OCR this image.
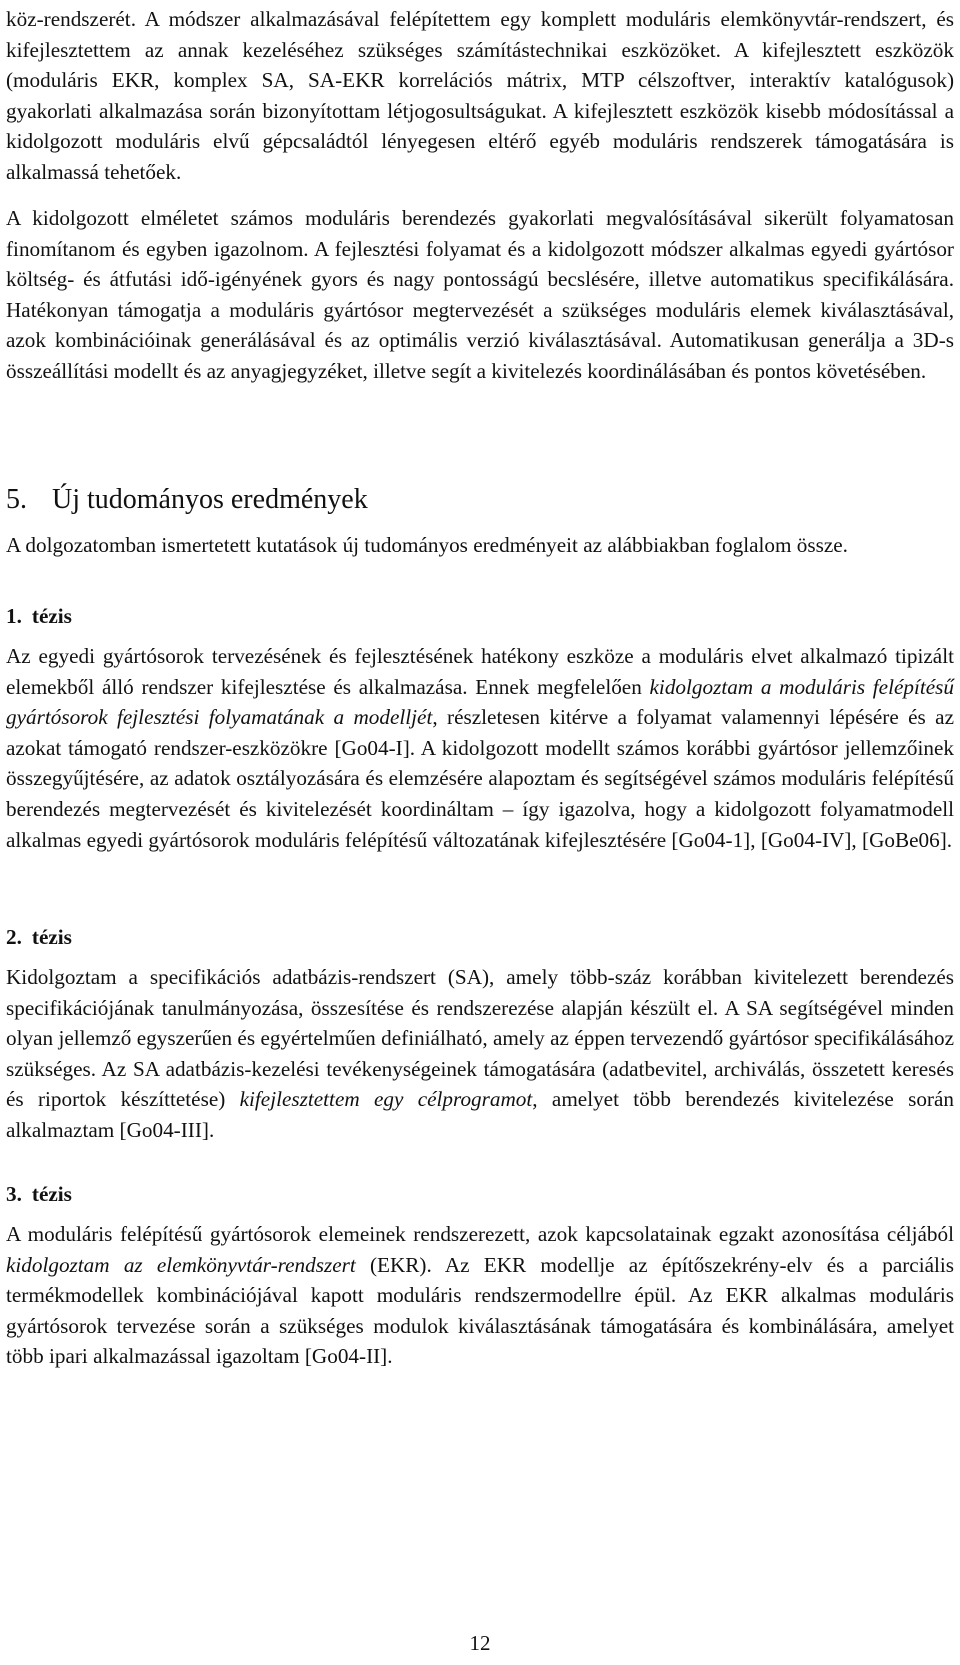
köz-rendszerét. A módszer alkalmazásával felépítettem egy komplett moduláris elemkönyvtár-rendszert, és kifejlesztettem az annak kezeléséhez szükséges számítástechnikai eszközöket. A kifejlesztett eszközök (moduláris EKR, komplex SA, SA-EKR korrelációs mátrix, MTP célszoftver, interaktív katalógusok) gyakorlati alkalmazása során bizonyítottam létjogosultságukat. A kifejlesztett eszközök kisebb módosítással a kidolgozott moduláris elvű gépcsaládtól lényegesen eltérő egyéb moduláris rendszerek támogatására is alkalmassá tehetőek.

A kidolgozott elméletet számos moduláris berendezés gyakorlati megvalósításával sikerült folyamatosan finomítanom és egyben igazolnom. A fejlesztési folyamat és a kidolgozott módszer alkalmas egyedi gyártósor költség- és átfutási idő-igényének gyors és nagy pontosságú becslésére, illetve automatikus specifikálására. Hatékonyan támogatja a moduláris gyártósor megtervezését a szükséges moduláris elemek kiválasztásával, azok kombinációinak generálásával és az optimális verzió kiválasztásával. Automatikusan generálja a 3D-s összeállítási modellt és az anyagjegyzéket, illetve segít a kivitelezés koordinálásában és pontos követésében.

5. Új tudományos eredmények

A dolgozatomban ismertetett kutatások új tudományos eredményeit az alábbiakban foglalom össze.

1. tézis

Az egyedi gyártósorok tervezésének és fejlesztésének hatékony eszköze a moduláris elvet alkalmazó tipizált elemekből álló rendszer kifejlesztése és alkalmazása. Ennek megfelelően kidolgoztam a moduláris felépítésű gyártósorok fejlesztési folyamatának a modelljét, részletesen kitérve a folyamat valamennyi lépésére és az azokat támogató rendszer-eszközökre [Go04-I]. A kidolgozott modellt számos korábbi gyártósor jellemzőinek összegyűjtésére, az adatok osztályozására és elemzésére alapoztam és segítségével számos moduláris felépítésű berendezés megtervezését és kivitelezését koordináltam – így igazolva, hogy a kidolgozott folyamatmodell alkalmas egyedi gyártósorok moduláris felépítésű változatának kifejlesztésére [Go04-1], [Go04-IV], [GoBe06].

2. tézis

Kidolgoztam a specifikációs adatbázis-rendszert (SA), amely több-száz korábban kivitelezett berendezés specifikációjának tanulmányozása, összesítése és rendszerezése alapján készült el. A SA segítségével minden olyan jellemző egyszerűen és egyértelműen definiálható, amely az éppen tervezendő gyártósor specifikálásához szükséges. Az SA adatbázis-kezelési tevékenységeinek támogatására (adatbevitel, archiválás, összetett keresés és riportok készíttetése) kifejlesztettem egy célprogramot, amelyet több berendezés kivitelezése során alkalmaztam [Go04-III].

3. tézis

A moduláris felépítésű gyártósorok elemeinek rendszerezett, azok kapcsolatainak egzakt azonosítása céljából kidolgoztam az elemkönyvtár-rendszert (EKR). Az EKR modellje az építőszekrény-elv és a parciális termékmodellek kombinációjával kapott moduláris rendszermodellre épül. Az EKR alkalmas moduláris gyártósorok tervezése során a szükséges modulok kiválasztásának támogatására és kombinálására, amelyet több ipari alkalmazással igazoltam [Go04-II].

12
